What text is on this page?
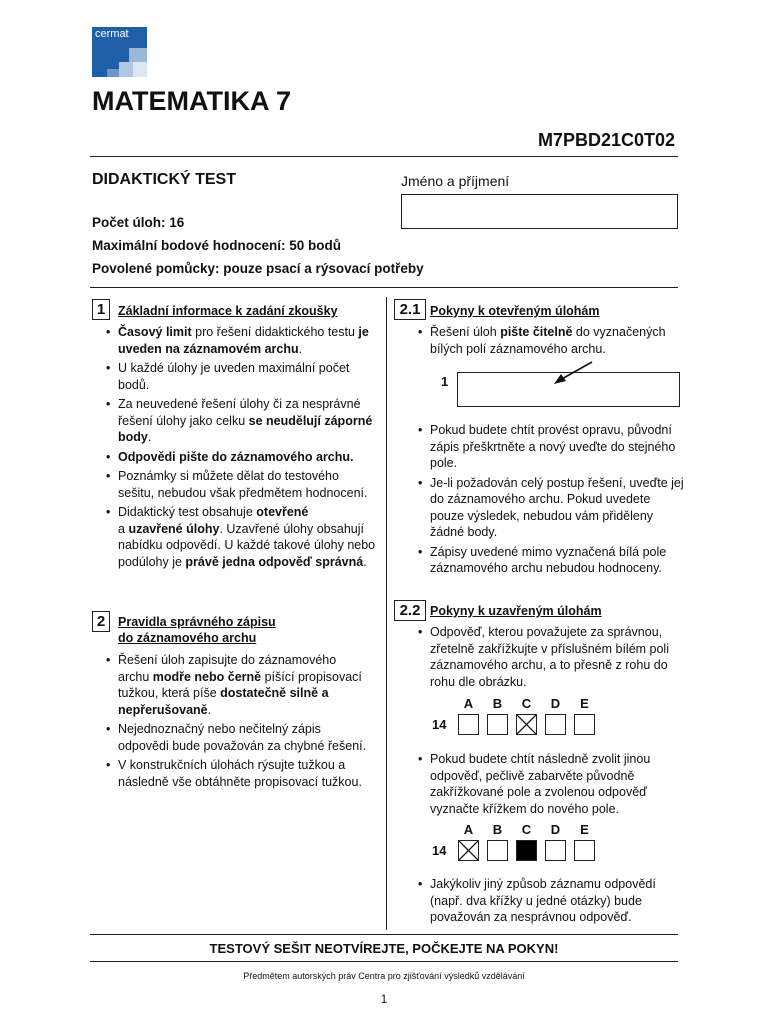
cermat
MATEMATIKA 7
M7PBD21C0T02
DIDAKTICKÝ TEST	Jméno a příjmení
Počet úloh: 16
Maximální bodové hodnocení: 50 bodů
Povolené pomůcky: pouze psací a rýsovací potřeby
1	Základní informace k zadání zkoušky
• Časový limit pro řešení didaktického testu je uveden na záznamovém archu.
• U každé úlohy je uveden maximální počet bodů.
• Za neuvedené řešení úlohy či za nesprávné řešení úlohy jako celku se neudělují záporné body.
• Odpovědi pište do záznamového archu.
• Poznámky si můžete dělat do testového sešitu, nebudou však předmětem hodnocení.
• Didaktický test obsahuje otevřené a uzavřené úlohy. Uzavřené úlohy obsahují nabídku odpovědí. U každé takové úlohy nebo podúlohy je právě jedna odpověď správná.
2	Pravidla správného zápisu
do záznamového archu
• Řešení úloh zapisujte do záznamového archu modře nebo černě píšící propisovací tužkou, která píše dostatečně silně a nepřerušovaně.
• Nejednoznačný nebo nečitelný zápis odpovědi bude považován za chybné řešení.
• V konstrukčních úlohách rýsujte tužkou a následně vše obtáhněte propisovací tužkou.
2.1 Pokyny k otevřeným úlohám
• Řešení úloh pište čitelně do vyznačených bílých polí záznamového archu.
1
• Pokud budete chtít provést opravu, původní zápis přeškrtněte a nový uveďte do stejného pole.
• Je-li požadován celý postup řešení, uveďte jej do záznamového archu. Pokud uvedete pouze výsledek, nebudou vám přiděleny žádné body.
• Zápisy uvedené mimo vyznačená bílá pole záznamového archu nebudou hodnoceny.
2.2 Pokyny k uzavřeným úlohám
• Odpověď, kterou považujete za správnou, zřetelně zakřížkujte v příslušném bílém poli záznamového archu, a to přesně z rohu do rohu dle obrázku.
14
A	B	C	D	E
• Pokud budete chtít následně zvolit jinou odpověď, pečlivě zabarvěte původně zakřížkované pole a zvolenou odpověď vyznačte křížkem do nového pole.
14
A	B	C	D	E
• Jakýkoliv jiný způsob záznamu odpovědí (např. dva křížky u jedné otázky) bude považován za nesprávnou odpověď.
TESTOVÝ SEŠIT NEOTVÍREJTE, POČKEJTE NA POKYN!
Předmětem autorských práv Centra pro zjišťování výsledků vzdělávání
1
